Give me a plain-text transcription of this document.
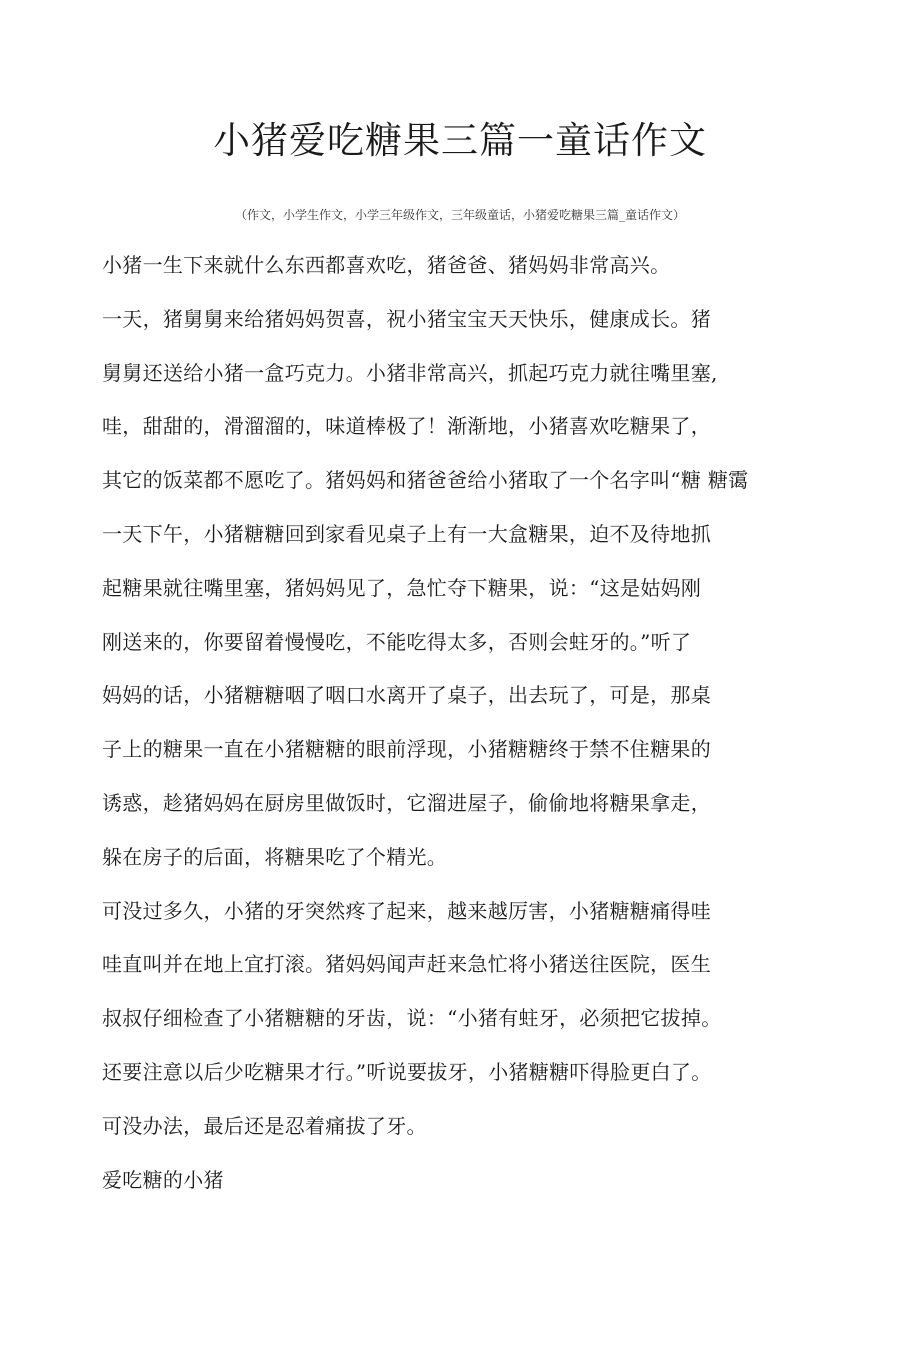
小猪爱吃糖果三篇一童话作文
（作文，小学生作文，小学三年级作文，三年级童话，小猪爱吃糖果三篇_童话作文）
小猪一生下来就什么东西都喜欢吃，猪爸爸、猪妈妈非常高兴。
一天，猪舅舅来给猪妈妈贺喜，祝小猪宝宝天天快乐，健康成长。猪
舅舅还送给小猪一盒巧克力。小猪非常高兴，抓起巧克力就往嘴里塞,
哇，甜甜的，滑溜溜的，味道棒极了！渐渐地，小猪喜欢吃糖果了，
其它的饭菜都不愿吃了。猪妈妈和猪爸爸给小猪取了一个名字叫“糖 糖霭
一天下午，小猪糖糖回到家看见桌子上有一大盒糖果，迫不及待地抓
起糖果就往嘴里塞，猪妈妈见了，急忙夺下糖果，说：“这是姑妈刚
刚送来的，你要留着慢慢吃，不能吃得太多，否则会蛀牙的。”听了
妈妈的话，小猪糖糖咽了咽口水离开了桌子，出去玩了，可是，那桌
子上的糖果一直在小猪糖糖的眼前浮现，小猪糖糖终于禁不住糖果的
诱惑，趁猪妈妈在厨房里做饭时，它溜进屋子，偷偷地将糖果拿走，
躲在房子的后面，将糖果吃了个精光。
可没过多久，小猪的牙突然疼了起来，越来越厉害，小猪糖糖痛得哇
哇直叫并在地上宜打滚。猪妈妈闻声赶来急忙将小猪送往医院，医生
叔叔仔细检查了小猪糖糖的牙齿，说：“小猪有蛀牙，必须把它拔掉。
还要注意以后少吃糖果才行。”听说要拔牙，小猪糖糖吓得脸更白了。
可没办法，最后还是忍着痛拔了牙。
爱吃糖的小猪
